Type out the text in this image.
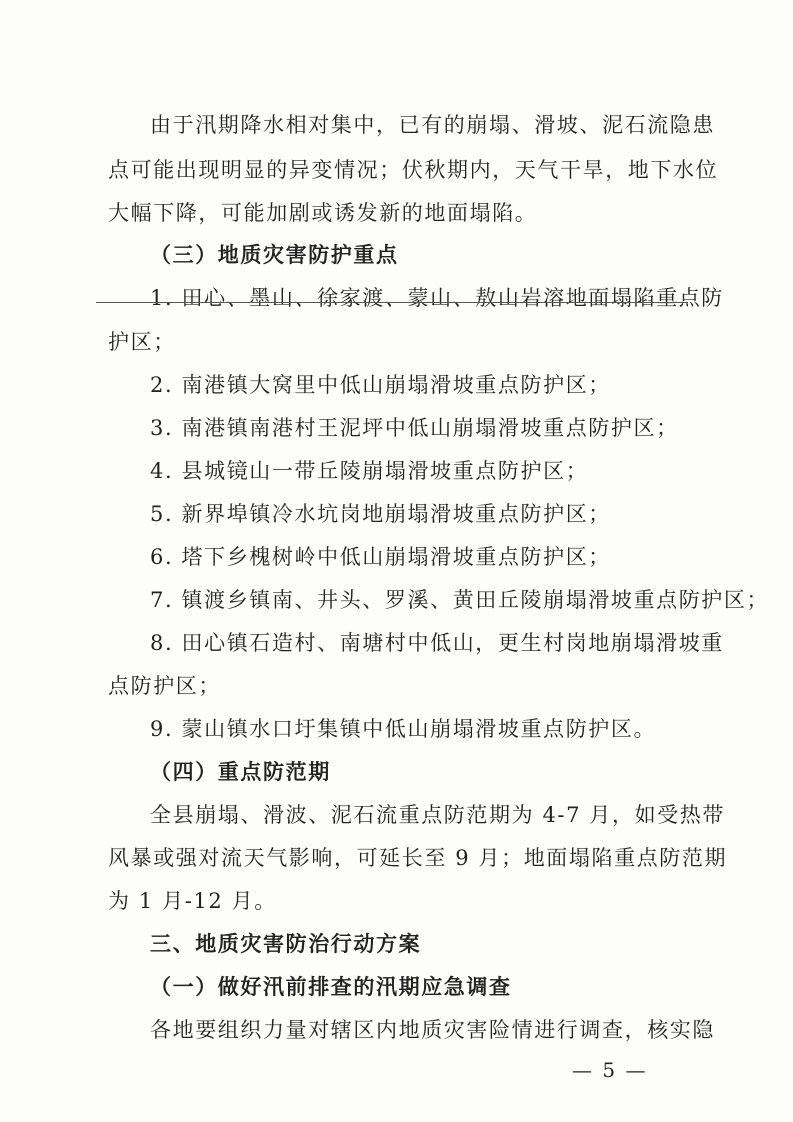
由于汛期降水相对集中，已有的崩塌、滑坡、泥石流隐患
点可能出现明显的异变情况；伏秋期内，天气干旱，地下水位
大幅下降，可能加剧或诱发新的地面塌陷。
（三）地质灾害防护重点
1. 田心、墨山、徐家渡、蒙山、敖山岩溶地面塌陷重点防
护区；
2. 南港镇大窝里中低山崩塌滑坡重点防护区；
3. 南港镇南港村王泥坪中低山崩塌滑坡重点防护区；
4. 县城镜山一带丘陵崩塌滑坡重点防护区；
5. 新界埠镇冷水坑岗地崩塌滑坡重点防护区；
6. 塔下乡槐树岭中低山崩塌滑坡重点防护区；
7. 镇渡乡镇南、井头、罗溪、黄田丘陵崩塌滑坡重点防护区；
8. 田心镇石造村、南塘村中低山，更生村岗地崩塌滑坡重
点防护区；
9. 蒙山镇水口圩集镇中低山崩塌滑坡重点防护区。
（四）重点防范期
全县崩塌、滑波、泥石流重点防范期为 4-7 月，如受热带
风暴或强对流天气影响，可延长至 9 月；地面塌陷重点防范期
为 1 月-12 月。
三、地质灾害防治行动方案
（一）做好汛前排查的汛期应急调查
各地要组织力量对辖区内地质灾害险情进行调查，核实隐
— 5 —
